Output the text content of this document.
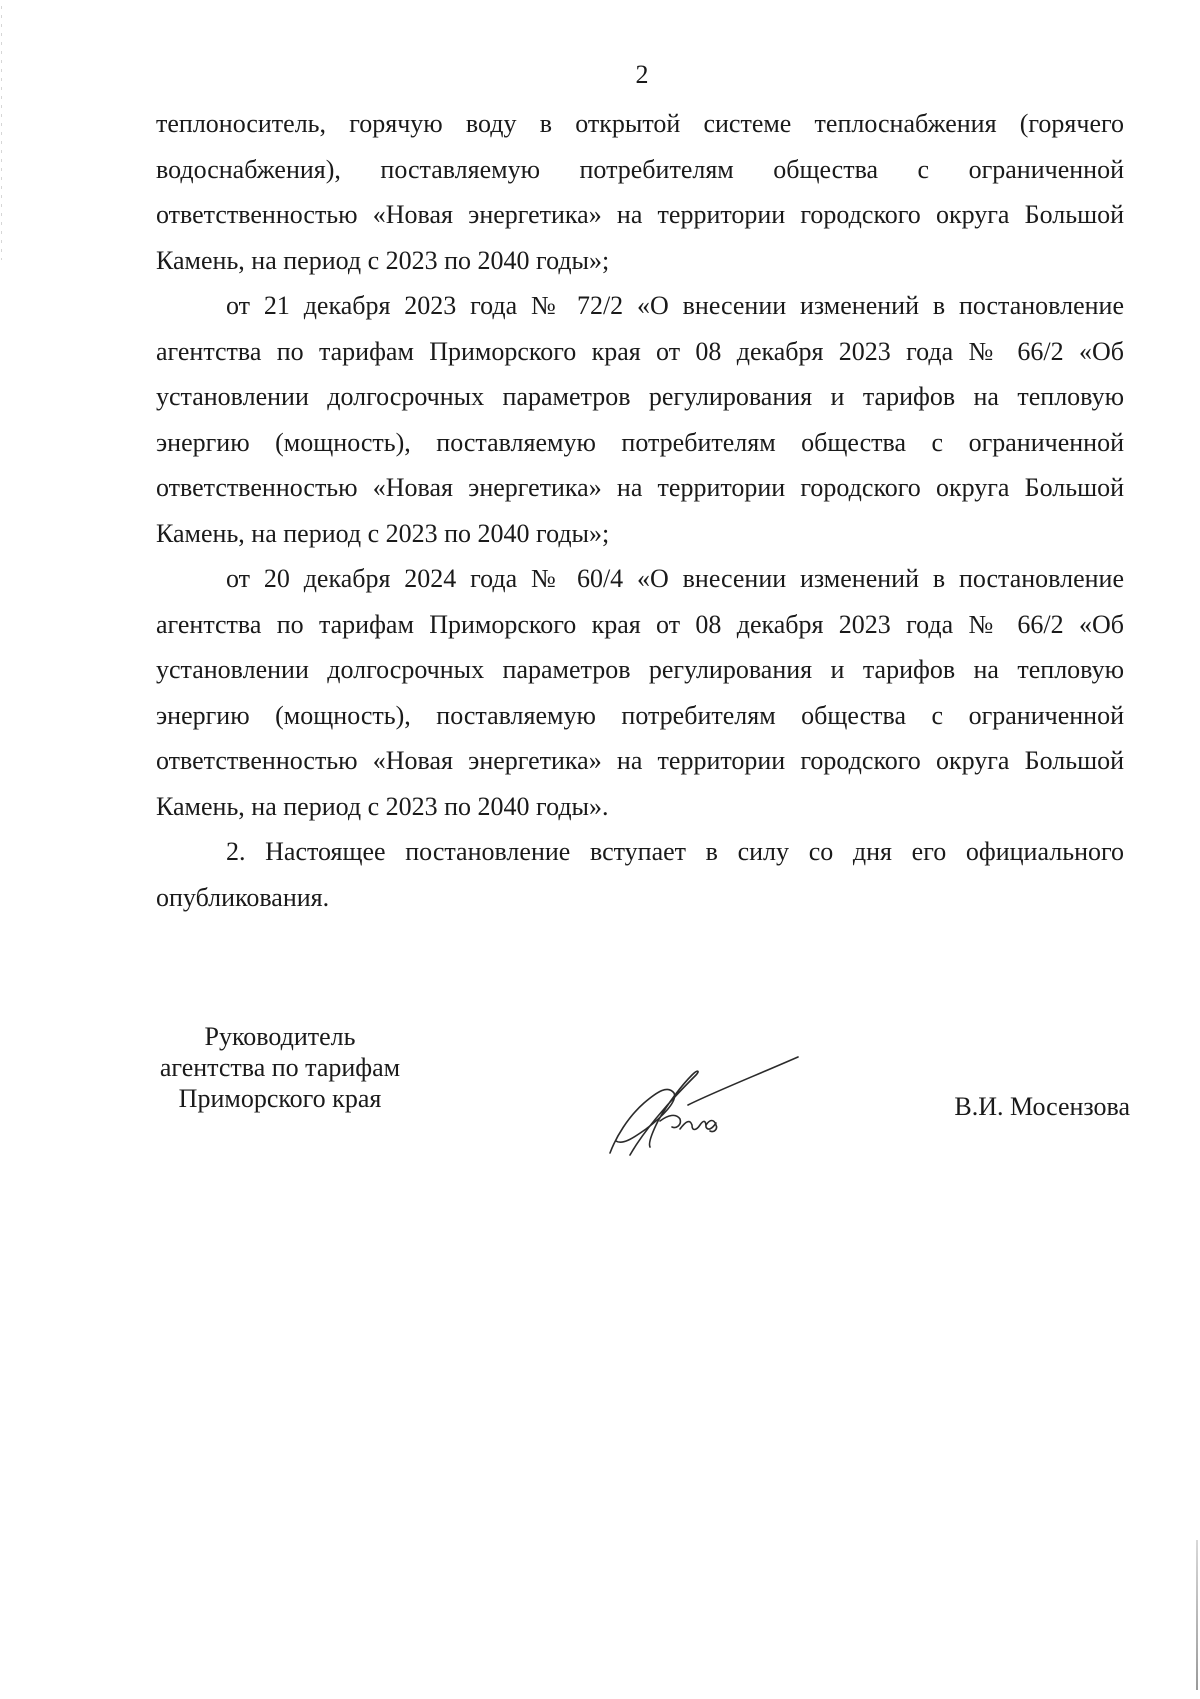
2

теплоноситель, горячую воду в открытой системе теплоснабжения (горячего водоснабжения), поставляемую потребителям общества с ограниченной ответственностью «Новая энергетика» на территории городского округа Большой Камень, на период с 2023 по 2040 годы»;

от 21 декабря 2023 года № 72/2 «О внесении изменений в постановление агентства по тарифам Приморского края от 08 декабря 2023 года № 66/2 «Об установлении долгосрочных параметров регулирования и тарифов на тепловую энергию (мощность), поставляемую потребителям общества с ограниченной ответственностью «Новая энергетика» на территории городского округа Большой Камень, на период с 2023 по 2040 годы»;

от 20 декабря 2024 года № 60/4 «О внесении изменений в постановление агентства по тарифам Приморского края от 08 декабря 2023 года № 66/2 «Об установлении долгосрочных параметров регулирования и тарифов на тепловую энергию (мощность), поставляемую потребителям общества с ограниченной ответственностью «Новая энергетика» на территории городского округа Большой Камень, на период с 2023 по 2040 годы».

2. Настоящее постановление вступает в силу со дня его официального опубликования.

Руководитель
агентства по тарифам
Приморского края	В.И. Мосензова
